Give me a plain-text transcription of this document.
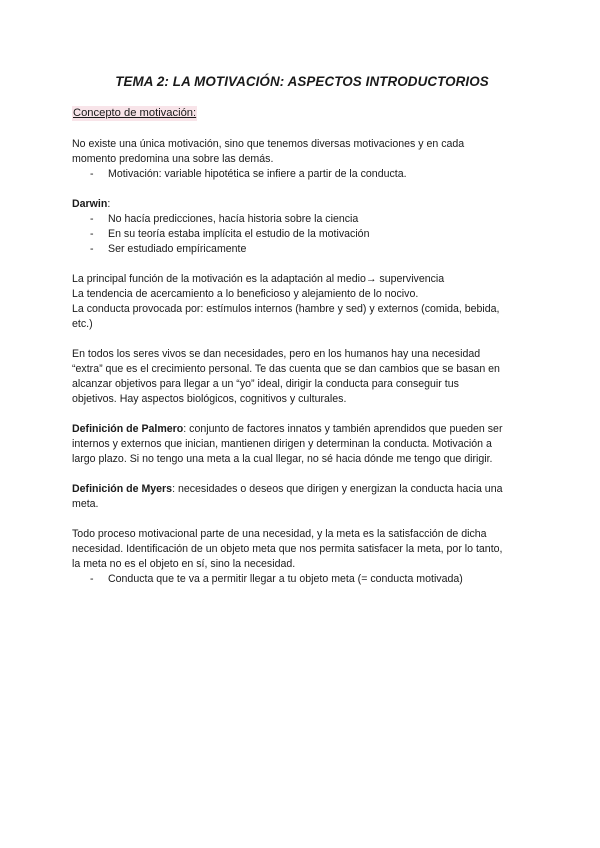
TEMA 2: LA MOTIVACIÓN: ASPECTOS INTRODUCTORIOS
Concepto de motivación:

No existe una única motivación, sino que tenemos diversas motivaciones y en cada

momento predomina una sobre las demás.

- Motivación: variable hipotética se infiere a partir de la conducta.

Darwin:

- No hacía predicciones, hacía historia sobre la ciencia
- En su teoría estaba implícita el estudio de la motivación
- Ser estudiado empíricamente

La principal función de la motivación es la adaptación al medio→ supervivencia

La tendencia de acercamiento a lo beneficioso y alejamiento de lo nocivo.

La conducta provocada por: estímulos internos (hambre y sed) y externos (comida, bebida,

etc.)

En todos los seres vivos se dan necesidades, pero en los humanos hay una necesidad

“extra” que es el crecimiento personal. Te das cuenta que se dan cambios que se basan en

alcanzar objetivos para llegar a un “yo” ideal, dirigir la conducta para conseguir tus

objetivos. Hay aspectos biológicos, cognitivos y culturales.

Definición de Palmero: conjunto de factores innatos y también aprendidos que pueden ser

internos y externos que inician, mantienen dirigen y determinan la conducta. Motivación a

largo plazo. Si no tengo una meta a la cual llegar, no sé hacia dónde me tengo que dirigir.

Definición de Myers: necesidades o deseos que dirigen y energizan la conducta hacia una

meta.

Todo proceso motivacional parte de una necesidad, y la meta es la satisfacción de dicha

necesidad. Identificación de un objeto meta que nos permita satisfacer la meta, por lo tanto,

la meta no es el objeto en sí, sino la necesidad.

- Conducta que te va a permitir llegar a tu objeto meta (= conducta motivada)
